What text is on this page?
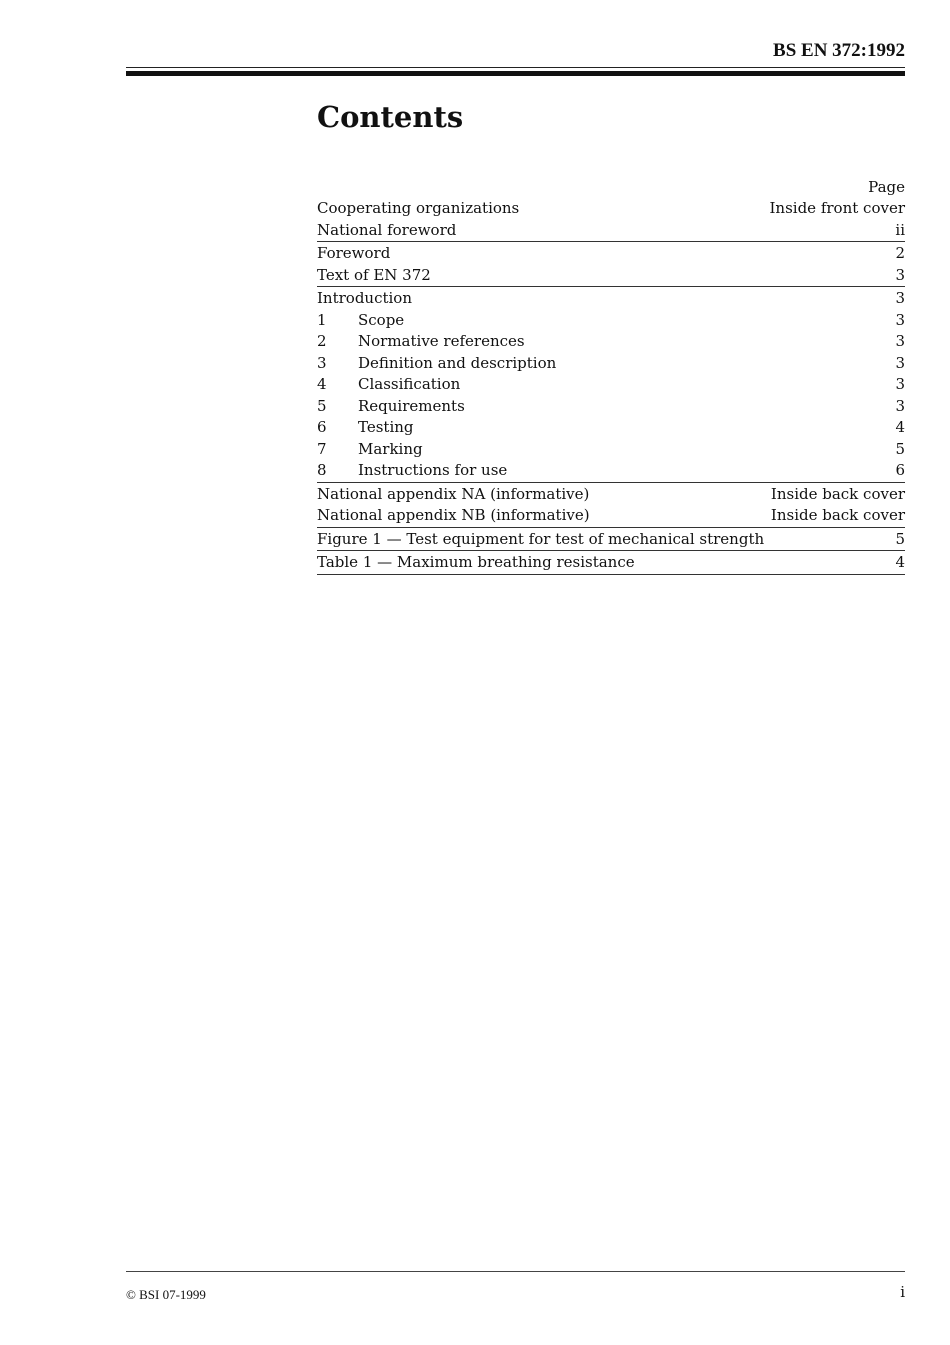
BS EN 372:1992
Contents
Page
Cooperating organizations	Inside front cover
National foreword	ii
Foreword	2
Text of EN 372	3
Introduction	3
1 Scope	3
2 Normative references	3
3 Definition and description	3
4 Classification	3
5 Requirements	3
6 Testing	4
7 Marking	5
8 Instructions for use	6
National appendix NA (informative)	Inside back cover
National appendix NB (informative)	Inside back cover
Figure 1 — Test equipment for test of mechanical strength	5
Table 1 — Maximum breathing resistance	4
© BSI 07-1999	i
